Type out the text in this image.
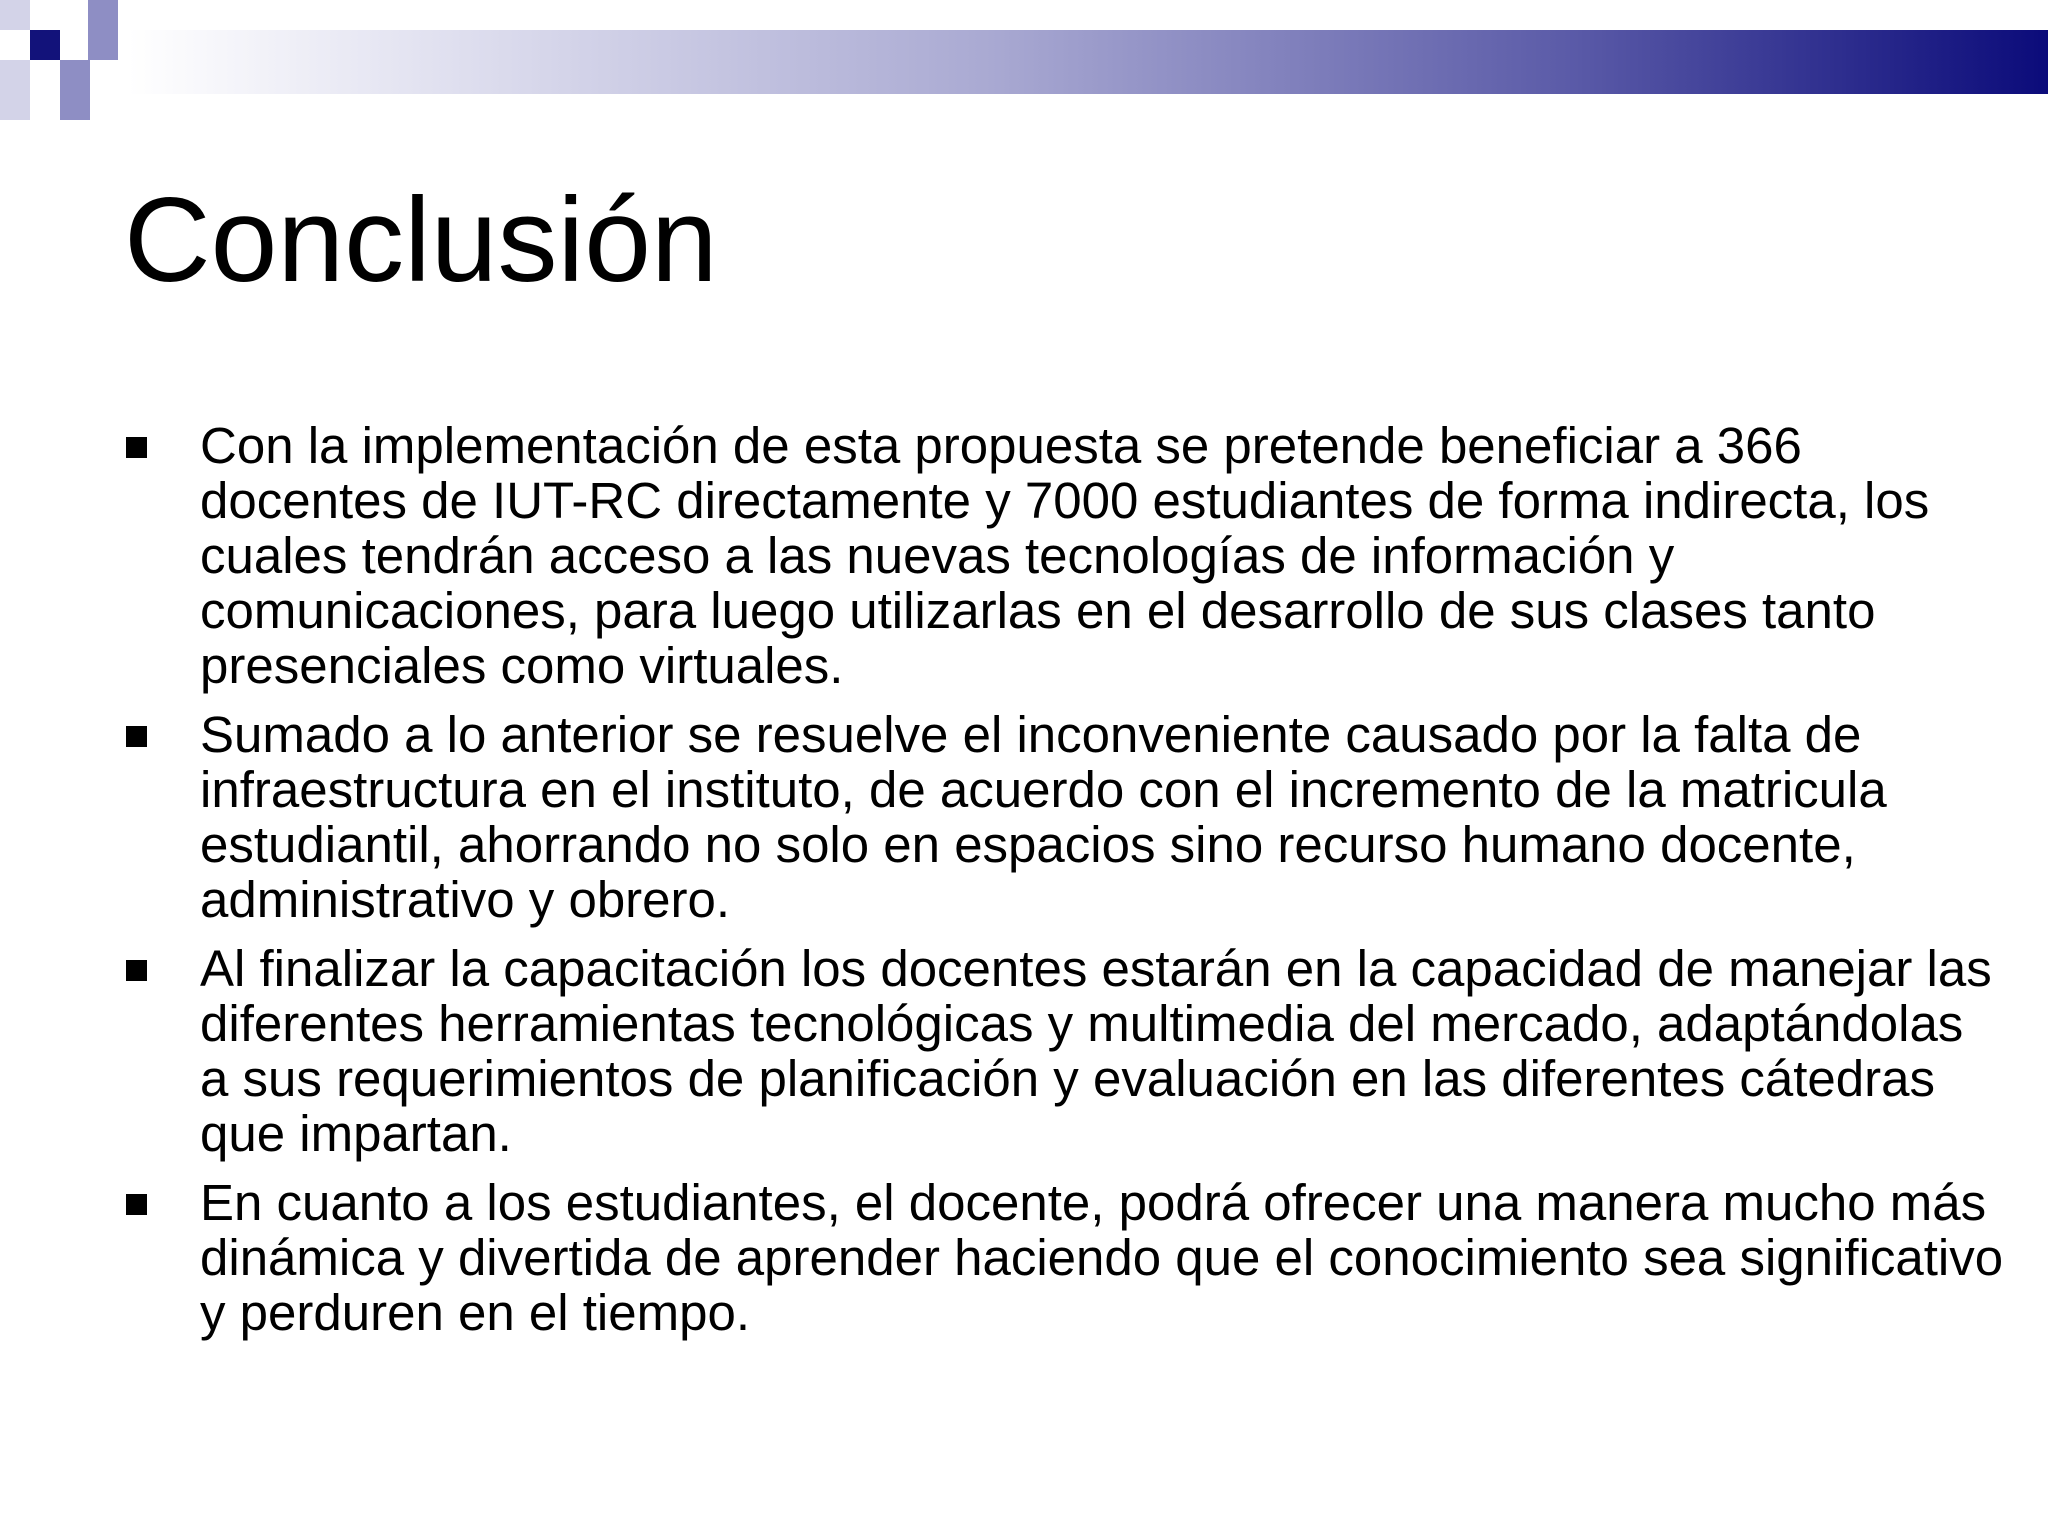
Conclusión
Con la implementación de esta propuesta se pretende beneficiar a 366 docentes de IUT-RC directamente y 7000 estudiantes de forma indirecta, los cuales tendrán acceso a las nuevas tecnologías de información y comunicaciones, para luego utilizarlas en el desarrollo de sus clases tanto presenciales como virtuales.
Sumado a lo anterior se resuelve el inconveniente causado por la falta de infraestructura en el instituto, de acuerdo con el incremento de la matricula estudiantil, ahorrando no solo en espacios sino recurso humano docente, administrativo y obrero.
Al finalizar la capacitación los docentes estarán en la capacidad de manejar las diferentes herramientas tecnológicas y multimedia del mercado, adaptándolas a sus requerimientos de planificación y evaluación en las diferentes cátedras que impartan.
En cuanto a los estudiantes, el docente, podrá ofrecer una manera mucho más dinámica y divertida de aprender haciendo que el conocimiento sea significativo y perduren en el tiempo.
